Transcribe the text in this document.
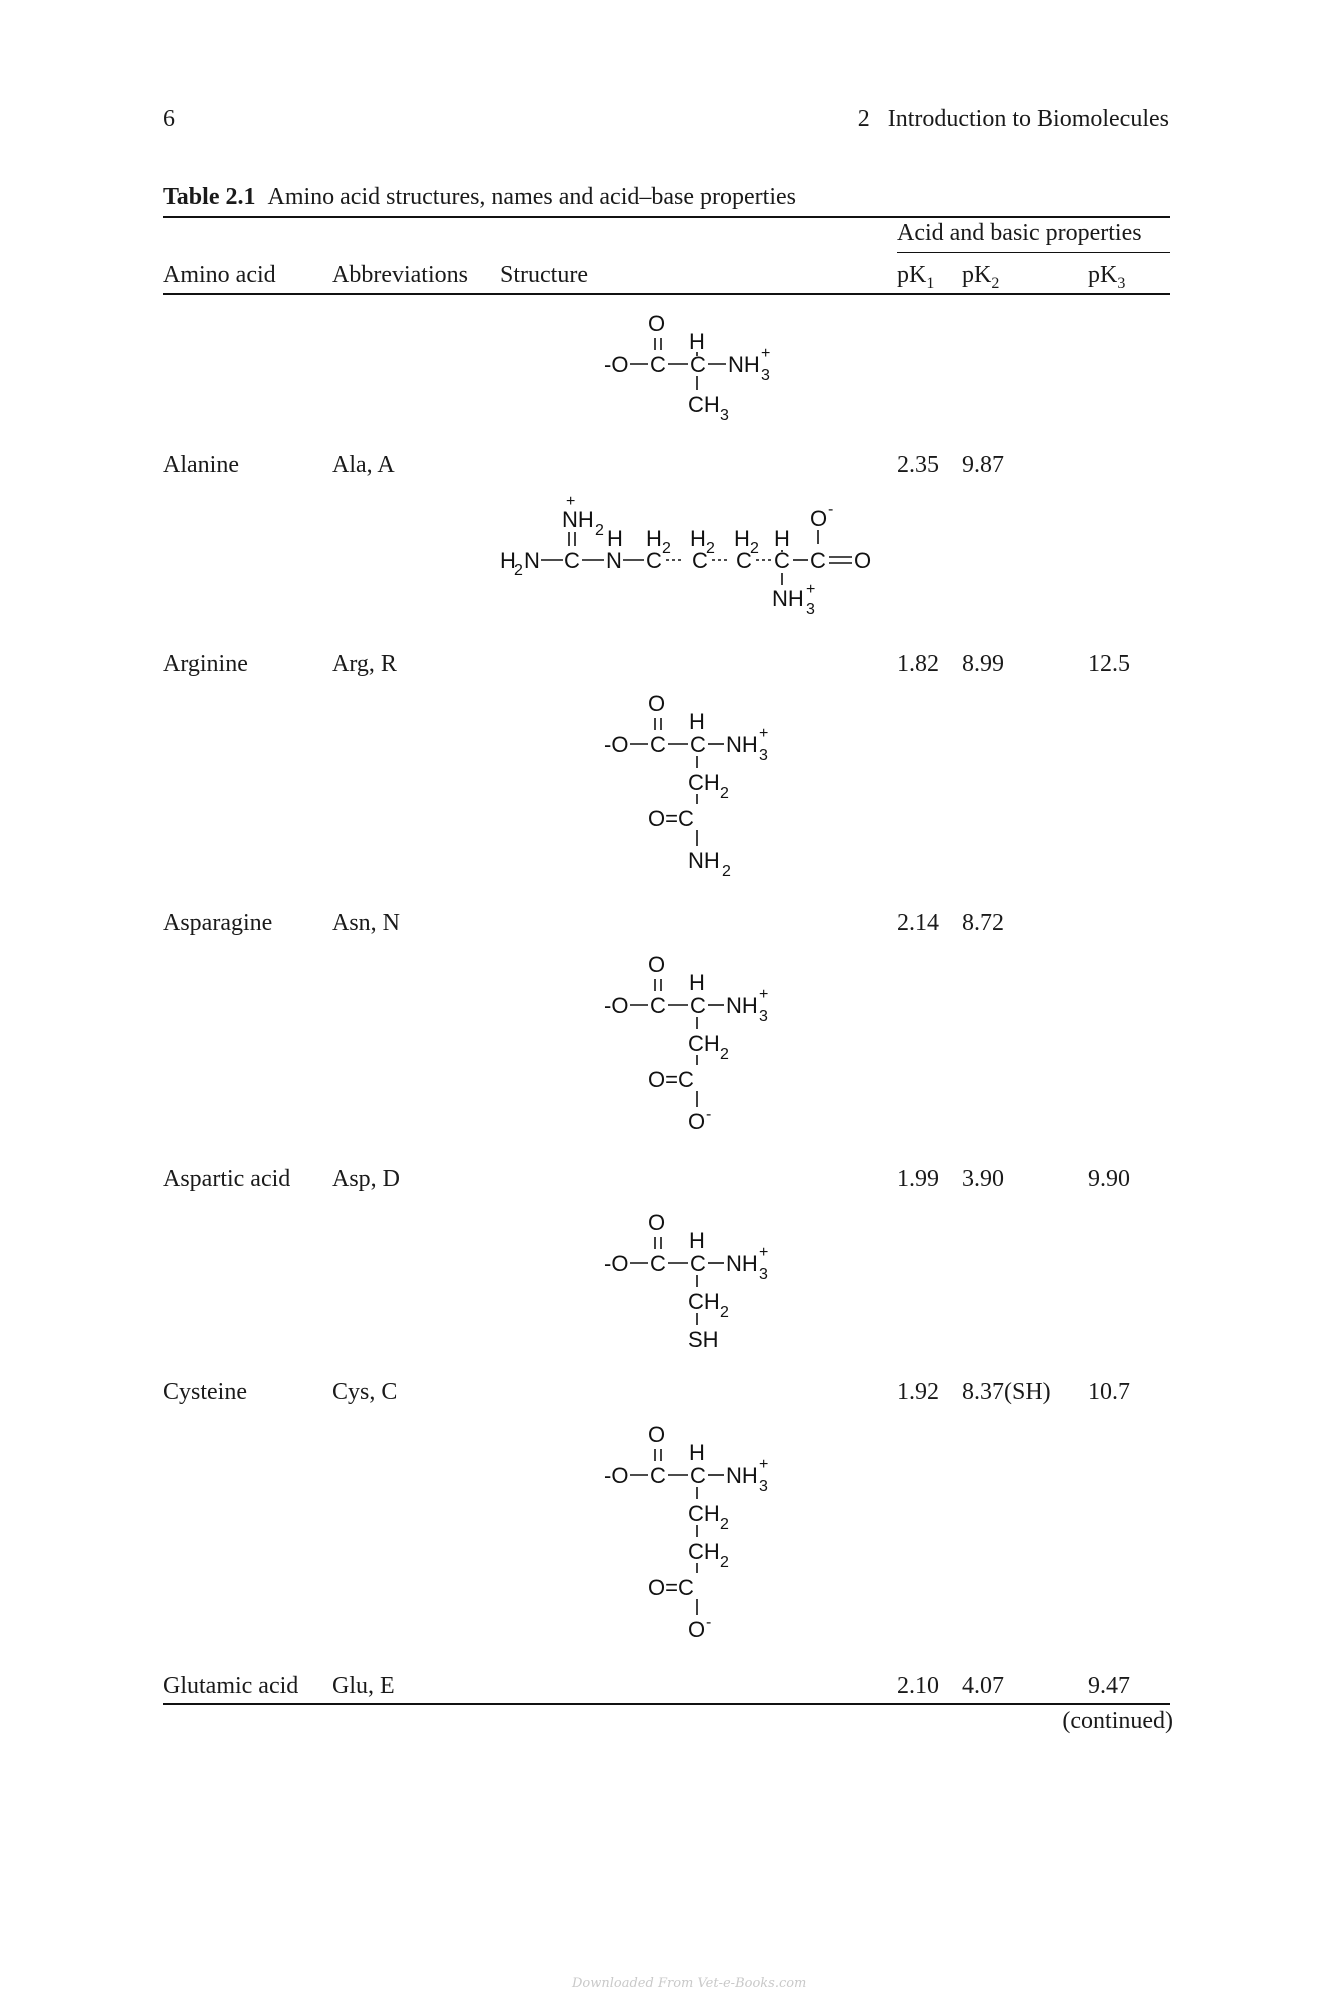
6	2   Introduction to Biomolecules
Table 2.1 Amino acid structures, names and acid–base properties
Acid and basic properties
Amino acid Abbreviations Structure	$pK_1$ $pK_2$	$pK_3$
Alanine	Ala, A	2.35 9.87
Arginine	Arg, R	1.82 8.99	12.5
Asparagine Asn, N	2.14 8.72
Aspartic acid Asp, D	1.99 3.90	9.90
Cysteine	Cys, C	1.92 8.37(SH) 10.7
Glutamic acid Glu, E	2.10 4.07	9.47
(continued)
O
-O C
H
C NH 3
+
CH 3
+
NH 2
H
2 N C
H
N
H 2
C
H 2
C
H 2
C
H
C
O -
C O
NH 3
+
O
-O C
H
C NH 3
+
CH 2
O=C
NH 2
O
-O C
H
C NH 3
+
CH 2
O=C
O -
O
-O C
H
C NH 3
+
CH 2
SH
O
-O C
H
C NH 3
+
CH 2
CH 2
O=C
O -
Downloaded From Vet-e-Books.com
